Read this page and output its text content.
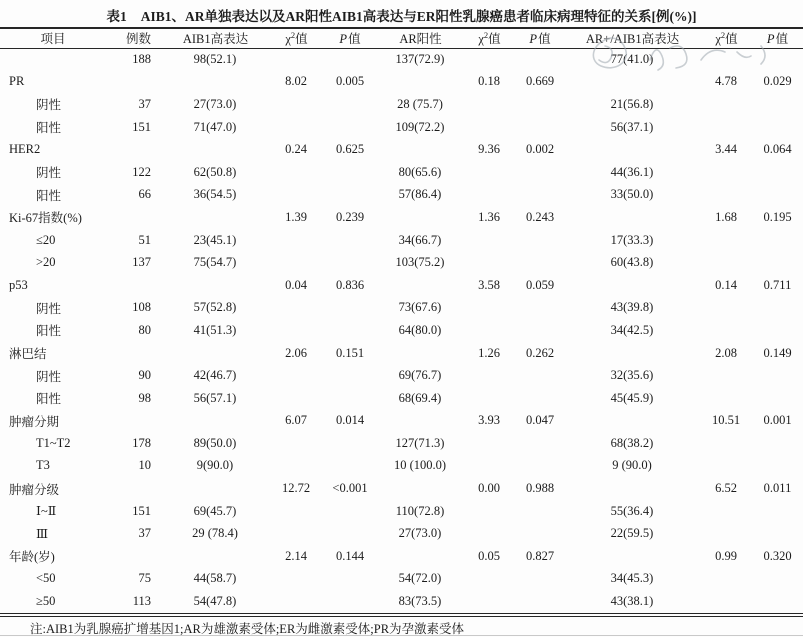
表1 AIB1、AR单独表达以及AR阳性AIB1高表达与ER阳性乳腺癌患者临床病理特征的关系[例(%)]
项目	例数	AIB1高表达	$\chi^2$值	P值	AR阳性	$\chi^2$值	P值	AR+/AIB1高表达	$\chi^2$值	P值
	188	98(52.1)			137(72.9)			77(41.0)		
PR			8.02	0.005		0.18	0.669		4.78	0.029
阴性	37	27(73.0)			28 (75.7)			21(56.8)		
阳性	151	71(47.0)			109(72.2)			56(37.1)		
HER2			0.24	0.625		9.36	0.002		3.44	0.064
阴性	122	62(50.8)			80(65.6)			44(36.1)		
阳性	66	36(54.5)			57(86.4)			33(50.0)		
Ki-67指数(%)			1.39	0.239		1.36	0.243		1.68	0.195
≤20	51	23(45.1)			34(66.7)			17(33.3)		
>20	137	75(54.7)			103(75.2)			60(43.8)		
p53			0.04	0.836		3.58	0.059		0.14	0.711
阴性	108	57(52.8)			73(67.6)			43(39.8)		
阳性	80	41(51.3)			64(80.0)			34(42.5)		
淋巴结			2.06	0.151		1.26	0.262		2.08	0.149
阴性	90	42(46.7)			69(76.7)			32(35.6)		
阳性	98	56(57.1)			68(69.4)			45(45.9)		
肿瘤分期			6.07	0.014		3.93	0.047		10.51	0.001
T1~T2	178	89(50.0)			127(71.3)			68(38.2)		
T3	10	9(90.0)			10 (100.0)			9 (90.0)		
肿瘤分级			12.72	<0.001		0.00	0.988		6.52	0.011
Ⅰ~Ⅱ	151	69(45.7)			110(72.8)			55(36.4)		
Ⅲ	37	29 (78.4)			27(73.0)			22(59.5)		
年龄(岁)			2.14	0.144		0.05	0.827		0.99	0.320
<50	75	44(58.7)			54(72.0)			34(45.3)		
≥50	113	54(47.8)			83(73.5)			43(38.1)		
注:AIB1为乳腺癌扩增基因1;AR为雄激素受体;ER为雌激素受体;PR为孕激素受体
